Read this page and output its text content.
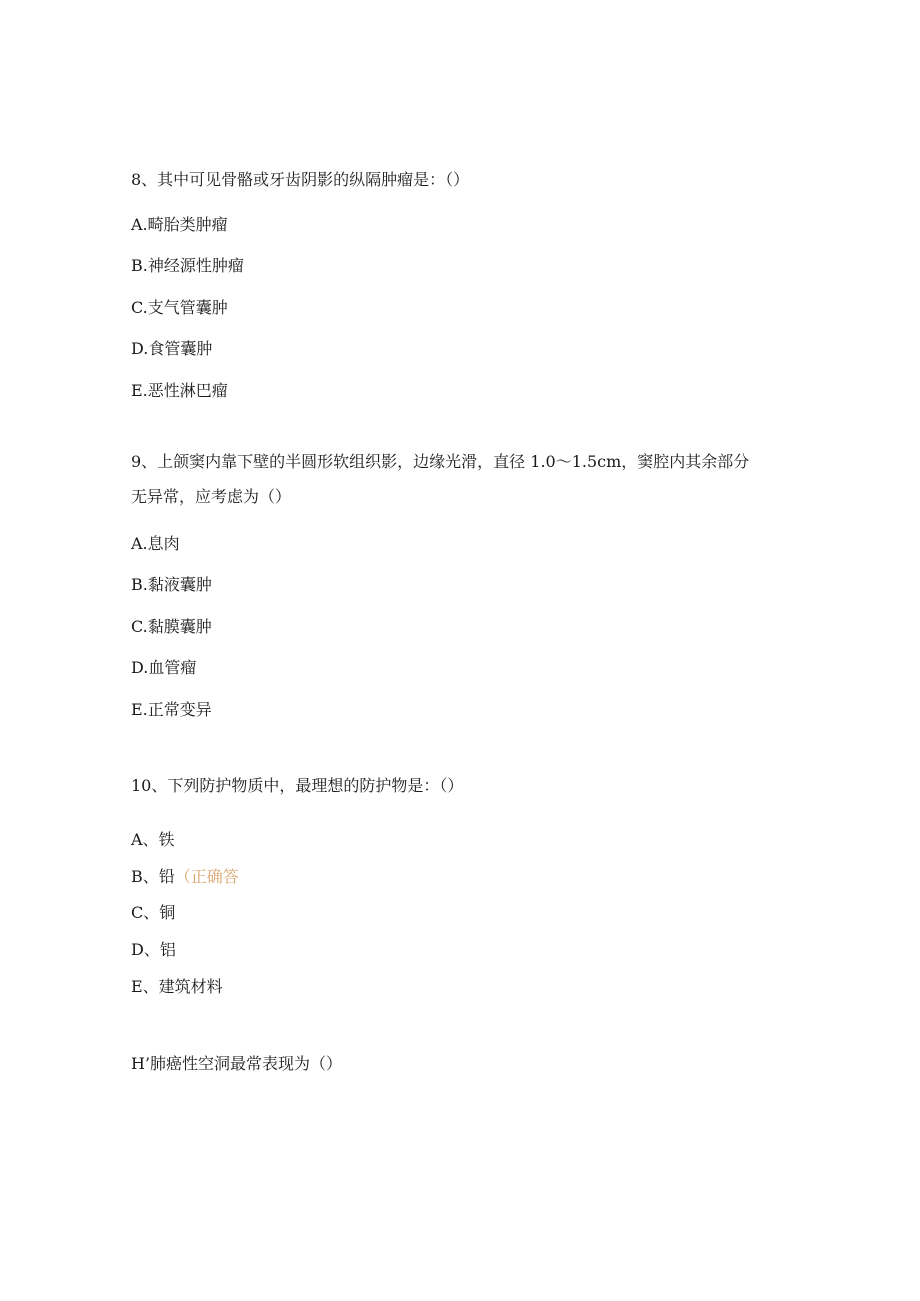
8、其中可见骨骼或牙齿阴影的纵隔肿瘤是：（）
A.畸胎类肿瘤
B.神经源性肿瘤
C.支气管囊肿
D.食管囊肿
E.恶性淋巴瘤
9、上颌窦内靠下壁的半圆形软组织影，边缘光滑，直径 1.0～1.5cm，窦腔内其余部分
无异常，应考虑为（）
A.息肉
B.黏液囊肿
C.黏膜囊肿
D.血管瘤
E.正常变异
10、下列防护物质中，最理想的防护物是：（）
A、铁
B、铅（正确答
C、铜
D、铝
E、建筑材料
H’肺癌性空洞最常表现为（）
